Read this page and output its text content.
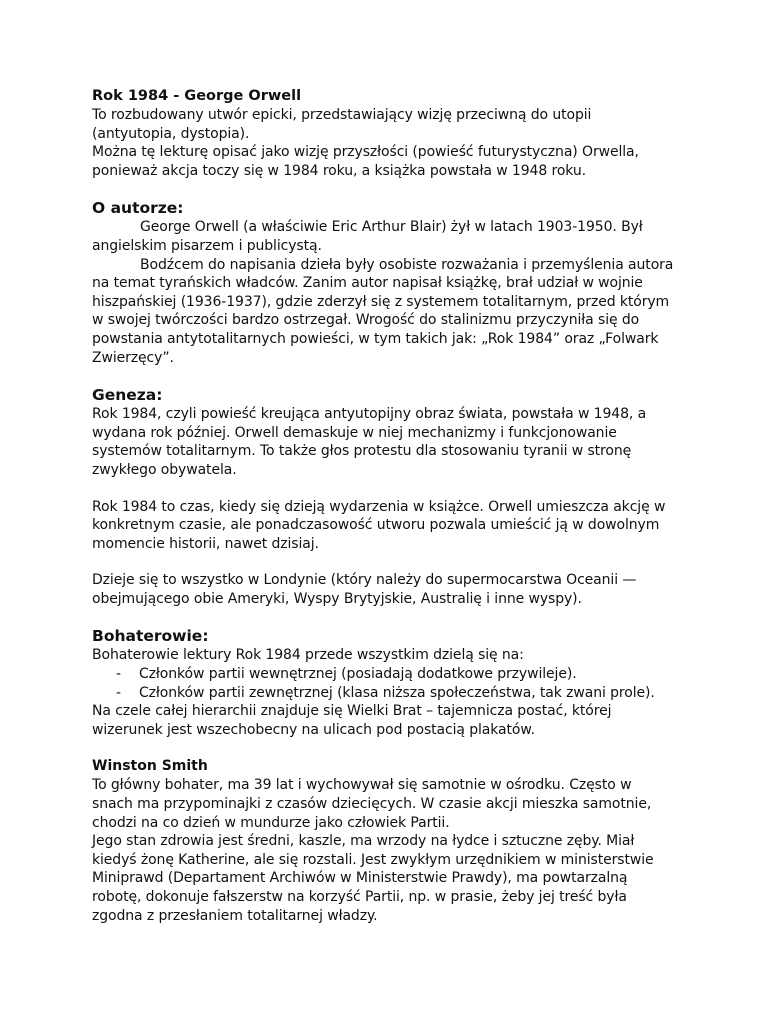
Rok 1984 - George Orwell

To rozbudowany utwór epicki, przedstawiający wizję przeciwną do utopii (antyutopia, dystopia).

Można tę lekturę opisać jako wizję przyszłości (powieść futurystyczna) Orwella, ponieważ akcja toczy się w 1984 roku, a książka powstała w 1948 roku.

O autorze:

George Orwell (a właściwie Eric Arthur Blair) żył w latach 1903-1950. Był angielskim pisarzem i publicystą.

Bodźcem do napisania dzieła były osobiste rozważania i przemyślenia autora na temat tyrańskich władców. Zanim autor napisał książkę, brał udział w wojnie hiszpańskiej (1936-1937), gdzie zderzył się z systemem totalitarnym, przed którym w swojej twórczości bardzo ostrzegał. Wrogość do stalinizmu przyczyniła się do powstania antytotalitarnych powieści, w tym takich jak: „Rok 1984” oraz „Folwark Zwierzęcy”.

Geneza:

Rok 1984, czyli powieść kreująca antyutopijny obraz świata, powstała w 1948, a wydana rok później. Orwell demaskuje w niej mechanizmy i funkcjonowanie systemów totalitarnym. To także głos protestu dla stosowaniu tyranii w stronę zwykłego obywatela.

Rok 1984 to czas, kiedy się dzieją wydarzenia w książce. Orwell umieszcza akcję w konkretnym czasie, ale ponadczasowość utworu pozwala umieścić ją w dowolnym momencie historii, nawet dzisiaj.

Dzieje się to wszystko w Londynie (który należy do supermocarstwa Oceanii — obejmującego obie Ameryki, Wyspy Brytyjskie, Australię i inne wyspy).

Bohaterowie:

Bohaterowie lektury Rok 1984 przede wszystkim dzielą się na:

- Członków partii wewnętrznej (posiadają dodatkowe przywileje).
- Członków partii zewnętrznej (klasa niższa społeczeństwa, tak zwani prole).

Na czele całej hierarchii znajduje się Wielki Brat – tajemnicza postać, której wizerunek jest wszechobecny na ulicach pod postacią plakatów.

Winston Smith

To główny bohater, ma 39 lat i wychowywał się samotnie w ośrodku. Często w snach ma przypominajki z czasów dziecięcych. W czasie akcji mieszka samotnie, chodzi na co dzień w mundurze jako człowiek Partii.

Jego stan zdrowia jest średni, kaszle, ma wrzody na łydce i sztuczne zęby. Miał kiedyś żonę Katherine, ale się rozstali. Jest zwykłym urzędnikiem w ministerstwie Miniprawd (Departament Archiwów w Ministerstwie Prawdy), ma powtarzalną robotę, dokonuje fałszerstw na korzyść Partii, np. w prasie, żeby jej treść była zgodna z przesłaniem totalitarnej władzy.
